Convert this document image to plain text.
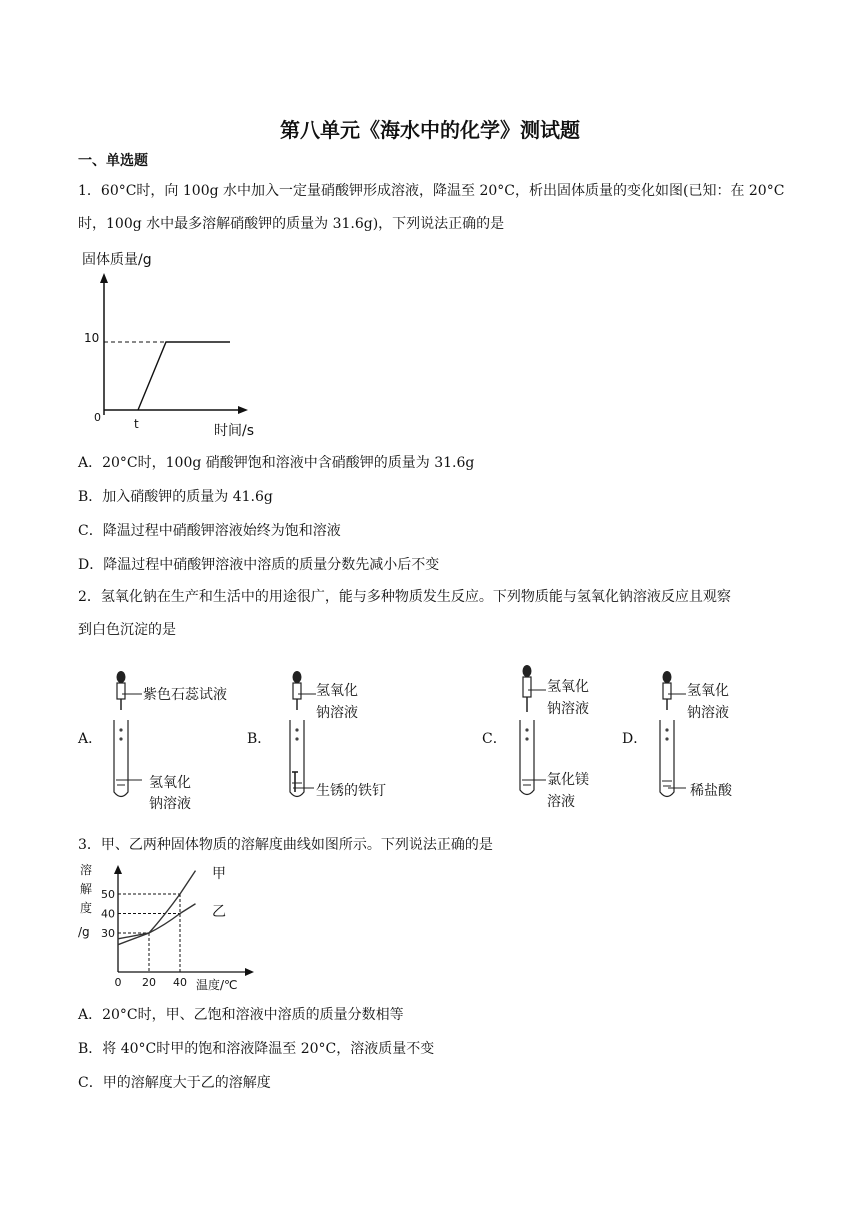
第八单元《海水中的化学》测试题
一、单选题
1．60°C时，向 100g 水中加入一定量硝酸钾形成溶液，降温至 20°C，析出固体质量的变化如图(已知：在 20°C
时，100g 水中最多溶解硝酸钾的质量为 31.6g)，下列说法正确的是
固体质量/g
0
10
t	时间/s
A．20°C时，100g 硝酸钾饱和溶液中含硝酸钾的质量为 31.6g
B．加入硝酸钾的质量为 41.6g
C．降温过程中硝酸钾溶液始终为饱和溶液
D．降温过程中硝酸钾溶液中溶质的质量分数先减小后不变
2．氢氧化钠在生产和生活中的用途很广，能与多种物质发生反应。下列物质能与氢氧化钠溶液反应且观察
到白色沉淀的是
A．
紫色石蕊试液
氢氧化
钠溶液
B．
氢氧化
钠溶液
生锈的铁钉
C．
氢氧化
钠溶液
氯化镁
溶液
D．
氢氧化
钠溶液
稀盐酸
3．甲、乙两种固体物质的溶解度曲线如图所示。下列说法正确的是
溶
解
度
/g
0 20 40 温度/℃
30
40
50
甲
乙
A．20°C时，甲、乙饱和溶液中溶质的质量分数相等
B．将 40°C时甲的饱和溶液降温至 20°C，溶液质量不变
C．甲的溶解度大于乙的溶解度
